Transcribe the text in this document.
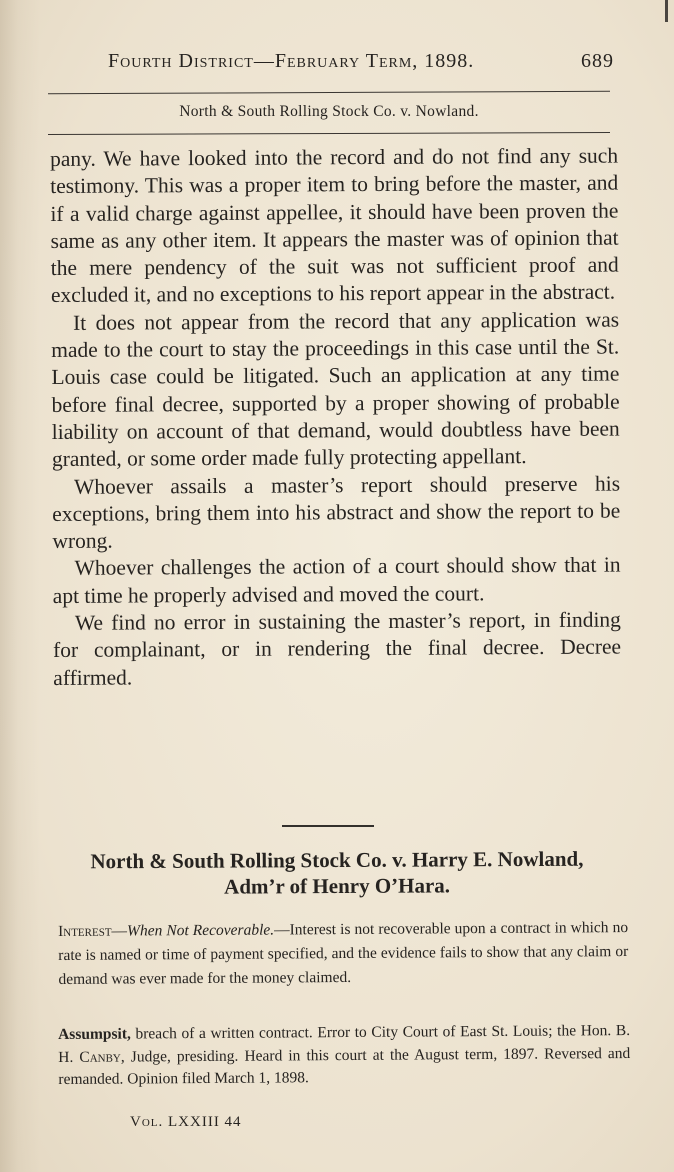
Fourth District—February Term, 1898.	689
North & South Rolling Stock Co. v. Nowland.

pany. We have looked into the record and do not find any such testimony. This was a proper item to bring before the master, and if a valid charge against appellee, it should have been proven the same as any other item. It appears the master was of opinion that the mere pendency of the suit was not sufficient proof and excluded it, and no exceptions to his report appear in the abstract.

It does not appear from the record that any application was made to the court to stay the proceedings in this case until the St. Louis case could be litigated. Such an application at any time before final decree, supported by a proper showing of probable liability on account of that demand, would doubtless have been granted, or some order made fully protecting appellant.

Whoever assails a master’s report should preserve his exceptions, bring them into his abstract and show the report to be wrong.

Whoever challenges the action of a court should show that in apt time he properly advised and moved the court.

We find no error in sustaining the master’s report, in finding for complainant, or in rendering the final decree. Decree affirmed.

North & South Rolling Stock Co. v. Harry E. Nowland,
Adm’r of Henry O’Hara.
Interest—When Not Recoverable.—Interest is not recoverable upon a contract in which no rate is named or time of payment specified, and the evidence fails to show that any claim or demand was ever made for the money claimed.
Assumpsit, breach of a written contract. Error to City Court of East St. Louis; the Hon. B. H. Canby, Judge, presiding. Heard in this court at the August term, 1897. Reversed and remanded. Opinion filed March 1, 1898.
Vol. LXXIII 44
